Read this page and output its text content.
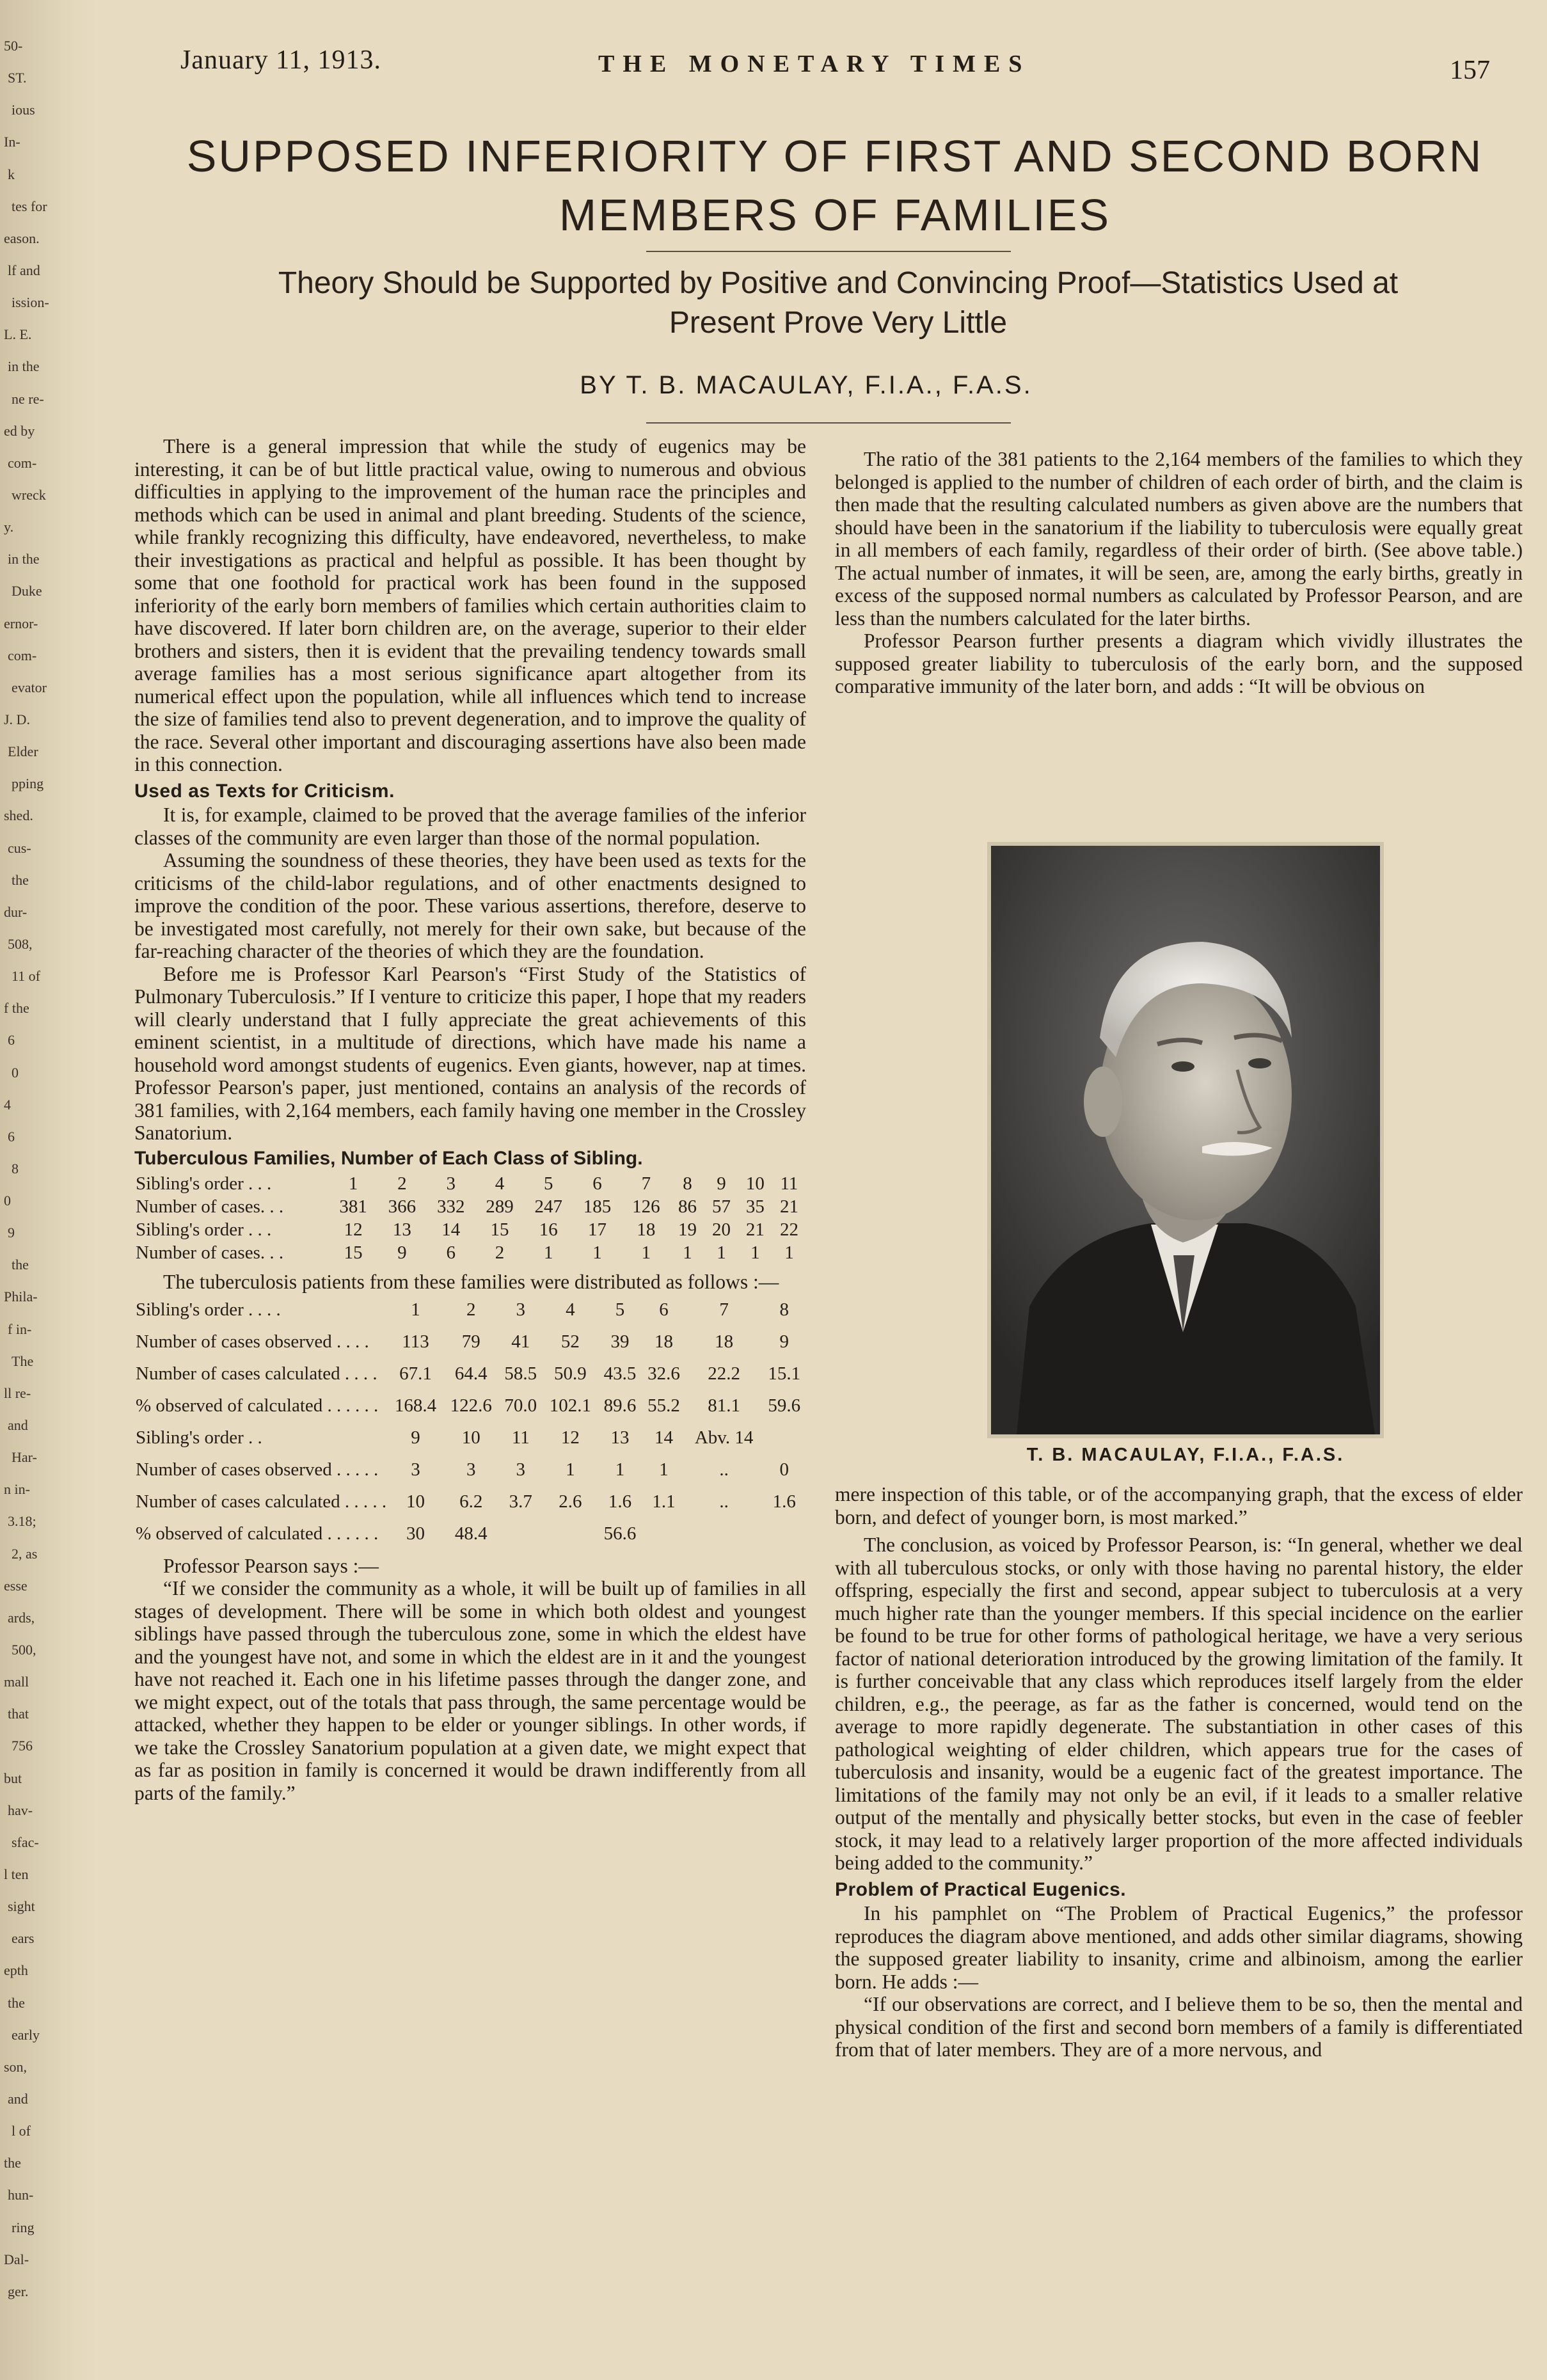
January 11, 1913.	THE MONETARY TIMES	157
SUPPOSED INFERIORITY OF FIRST AND SECOND BORN
MEMBERS OF FAMILIES
Theory Should be Supported by Positive and Convincing Proof—Statistics Used at
Present Prove Very Little
BY T. B. MACAULAY, F.I.A., F.A.S.

There is a general impression that while the study of eugenics may be interesting, it can be of but little practical value, owing to numerous and obvious difficulties in applying to the improvement of the human race the principles and methods which can be used in animal and plant breeding. Students of the science, while frankly recognizing this difficulty, have endeavored, nevertheless, to make their investigations as practical and helpful as possible. It has been thought by some that one foothold for practical work has been found in the supposed inferiority of the early born members of families which certain authorities claim to have discovered. If later born children are, on the average, superior to their elder brothers and sisters, then it is evident that the prevailing tendency towards small average families has a most serious significance apart altogether from its numerical effect upon the population, while all influences which tend to increase the size of families tend also to prevent degeneration, and to improve the quality of the race. Several other important and discouraging assertions have also been made in this connection.

Used as Texts for Criticism.

It is, for example, claimed to be proved that the average families of the inferior classes of the community are even larger than those of the normal population.

Assuming the soundness of these theories, they have been used as texts for the criticisms of the child-labor regulations, and of other enactments designed to improve the condition of the poor. These various assertions, therefore, deserve to be investigated most carefully, not merely for their own sake, but because of the far-reaching character of the theories of which they are the foundation.

Before me is Professor Karl Pearson's “First Study of the Statistics of Pulmonary Tuberculosis.” If I venture to criticize this paper, I hope that my readers will clearly understand that I fully appreciate the great achievements of this eminent scientist, in a multitude of directions, which have made his name a household word amongst students of eugenics. Even giants, however, nap at times. Professor Pearson's paper, just mentioned, contains an analysis of the records of 381 families, with 2,164 members, each family having one member in the Crossley Sanatorium.

Tuberculous Families, Number of Each Class of Sibling.
Sibling's order . . .	1	2	3	4	5	6	7	8	9	10	11
Number of cases. . .	381	366	332	289	247	185	126	86	57	35	21
Sibling's order . . .	12	13	14	15	16	17	18	19	20	21	22
Number of cases. . .	15	9	6	2	1	1	1	1	1	1	1

The tuberculosis patients from these families were distributed as follows :—

Sibling's order . . . .	1	2	3	4	5	6	7	8
Number of cases observed . . . .	113	79	41	52	39	18	18	9
Number of cases calculated . . . .	67.1	64.4	58.5	50.9	43.5	32.6	22.2	15.1
% observed of calculated . . . . . .	168.4	122.6	70.0	102.1	89.6	55.2	81.1	59.6
Sibling's order . .	9	10	11	12	13	14	Abv. 14	
Number of cases observed . . . . .	3	3	3	1	1	1	..	0
Number of cases calculated . . . . .	10	6.2	3.7	2.6	1.6	1.1	..	1.6
% observed of calculated . . . . . .	30	48.4			56.6			

Professor Pearson says :—

“If we consider the community as a whole, it will be built up of families in all stages of development. There will be some in which both oldest and youngest siblings have passed through the tuberculous zone, some in which the eldest have and the youngest have not, and some in which the eldest are in it and the youngest have not reached it. Each one in his lifetime passes through the danger zone, and we might expect, out of the totals that pass through, the same percentage would be attacked, whether they happen to be elder or younger siblings. In other words, if we take the Crossley Sanatorium population at a given date, we might expect that as far as position in family is concerned it would be drawn indifferently from all parts of the family.”

The ratio of the 381 patients to the 2,164 members of the families to which they belonged is applied to the number of children of each order of birth, and the claim is then made that the resulting calculated numbers as given above are the numbers that should have been in the sanatorium if the liability to tuberculosis were equally great in all members of each family, regardless of their order of birth. (See above table.) The actual number of inmates, it will be seen, are, among the early births, greatly in excess of the supposed normal numbers as calculated by Professor Pearson, and are less than the numbers calculated for the later births.

Professor Pearson further presents a diagram which vividly illustrates the supposed greater liability to tuberculosis of the early born, and the supposed comparative immunity of the later born, and adds : “It will be obvious on

T. B. MACAULAY, F.I.A., F.A.S.

mere inspection of this table, or of the accompanying graph, that the excess of elder born, and defect of younger born, is most marked.”

The conclusion, as voiced by Professor Pearson, is: “In general, whether we deal with all tuberculous stocks, or only with those having no parental history, the elder offspring, especially the first and second, appear subject to tuberculosis at a very much higher rate than the younger members. If this special incidence on the earlier be found to be true for other forms of pathological heritage, we have a very serious factor of national deterioration introduced by the growing limitation of the family. It is further conceivable that any class which reproduces itself largely from the elder children, e.g., the peerage, as far as the father is concerned, would tend on the average to more rapidly degenerate. The substantiation in other cases of this pathological weighting of elder children, which appears true for the cases of tuberculosis and insanity, would be a eugenic fact of the greatest importance. The limitations of the family may not only be an evil, if it leads to a smaller relative output of the mentally and physically better stocks, but even in the case of feebler stock, it may lead to a relatively larger proportion of the more affected individuals being added to the community.”

Problem of Practical Eugenics.

In his pamphlet on “The Problem of Practical Eugenics,” the professor reproduces the diagram above mentioned, and adds other similar diagrams, showing the supposed greater liability to insanity, crime and albinoism, among the earlier born. He adds :—

“If our observations are correct, and I believe them to be so, then the mental and physical condition of the first and second born members of a family is differentiated from that of later members. They are of a more nervous, and

50-
ST.
ious
In-
k
tes for
eason.
lf and
ission-
L. E.
in the
ne re-
ed by
com-
wreck
y.
in the
Duke
ernor-
com-
evator
J. D.
Elder
pping
shed.
cus-
the
dur-
508,
11 of
f the
6
0
4
6
8
0
9
the
Phila-
f in-
The
ll re-
and
Har-
n in-
3.18;
2, as
esse
ards,
500,
mall
that
756
but
hav-
sfac-
l ten
sight
ears
epth
the
early
son,
and
l of
the
hun-
ring
Dal-
ger.
